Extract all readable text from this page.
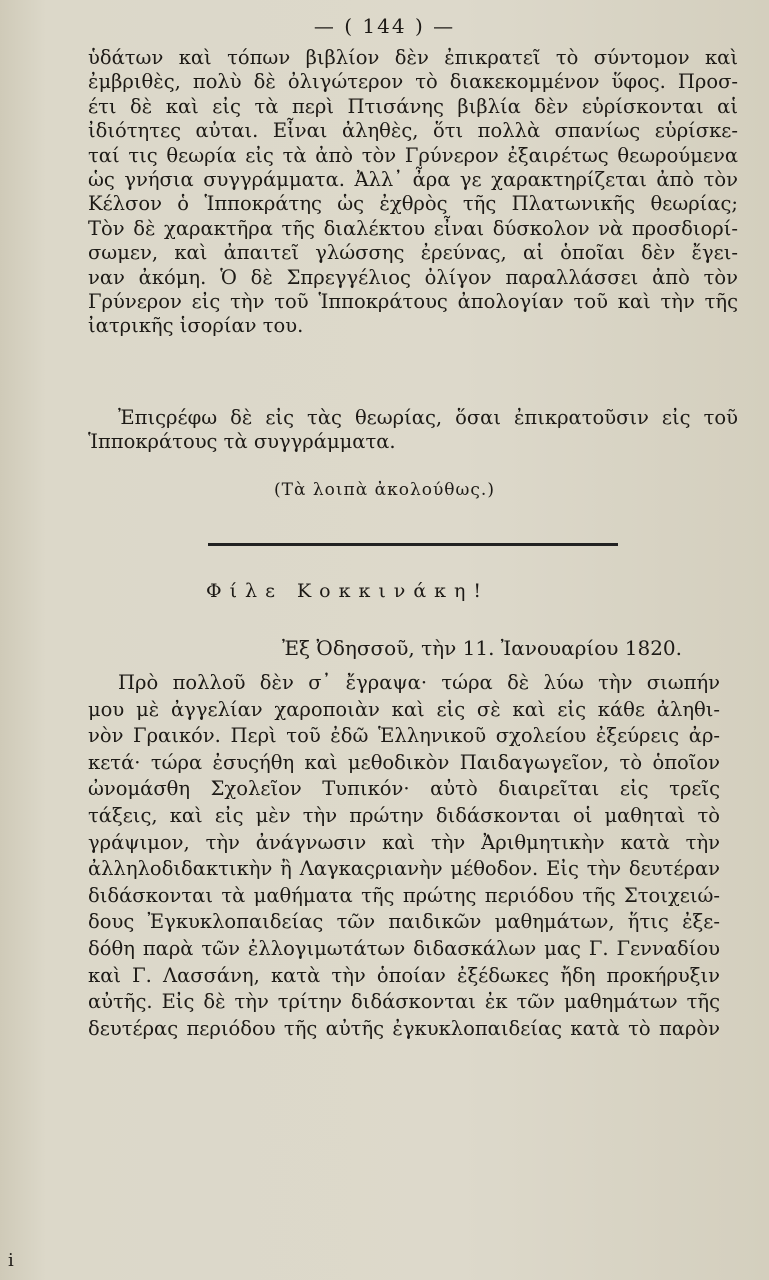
— ( 144 ) —
ὑδάτων καὶ τόπων βιβλίον δὲν ἐπικρατεῖ τὸ σύντομον καὶ
ἐμβριθὲς, πολὺ δὲ ὀλιγώτερον τὸ διακεκομμένον ὕφος. Προσ-
έτι δὲ καὶ εἰς τὰ περὶ Πτισάνης βιβλία δὲν εὑρίσκονται αἱ
ἰδιότητες αὐται. Εἶναι ἀληθὲς, ὅτι πολλὰ σπανίως εὑρίσκε-
ταί τις θεωρία εἰς τὰ ἀπὸ τὸν Γρύνερον ἐξαιρέτως θεωρούμενα
ὡς γνήσια συγγράμματα. Ἀλλ᾽ ἆρα γε χαρακτηρίζεται ἀπὸ τὸν
Κέλσον ὁ Ἱπποκράτης ὡς ἐχθρὸς τῆς Πλατωνικῆς θεωρίας;
Τὸν δὲ χαρακτῆρα τῆς διαλέκτου εἶναι δύσκολον νὰ προσδιορί-
σωμεν, καὶ ἀπαιτεῖ γλώσσης ἐρεύνας, αἱ ὁποῖαι δὲν ἔγει-
ναν ἀκόμη. Ὁ δὲ Σπρεγγέλιος ὀλίγον παραλλάσσει ἀπὸ τὸν
Γρύνερον εἰς τὴν τοῦ Ἱπποκράτους ἀπολογίαν τοῦ καὶ τὴν τῆς
ἰατρικῆς ἱσορίαν του.
Ἐπιςρέφω δὲ εἰς τὰς θεωρίας, ὅσαι ἐπικρατοῦσιν εἰς τοῦ
Ἱπποκράτους τὰ συγγράμματα.
(Τὰ λοιπὰ ἀκολούθως.)
Φίλε Κοκκινάκη!
Ἐξ Ὀδησσοῦ, τὴν 11. Ἰανουαρίου 1820.
Πρὸ πολλοῦ δὲν σ᾽ ἔγραψα· τώρα δὲ λύω τὴν σιωπήν
μου μὲ ἀγγελίαν χαροποιὰν καὶ εἰς σὲ καὶ εἰς κάθε ἀληθι-
νὸν Γραικόν. Περὶ τοῦ ἐδῶ Ἑλληνικοῦ σχολείου ἐξεύρεις ἀρ-
κετά· τώρα ἐσυςήθη καὶ μεθοδικὸν Παιδαγωγεῖον, τὸ ὁποῖον
ὠνομάσθη Σχολεῖον Τυπικόν· αὐτὸ διαιρεῖται εἰς τρεῖς
τάξεις, καὶ εἰς μὲν τὴν πρώτην διδάσκονται οἱ μαθηταὶ τὸ
γράψιμον, τὴν ἀνάγνωσιν καὶ τὴν Ἀριθμητικὴν κατὰ τὴν
ἀλληλοδιδακτικὴν ἢ Λαγκαςριανὴν μέθοδον. Εἰς τὴν δευτέραν
διδάσκονται τὰ μαθήματα τῆς πρώτης περιόδου τῆς Στοιχειώ-
δους Ἐγκυκλοπαιδείας τῶν παιδικῶν μαθημάτων, ἥτις ἐξε-
δόθη παρὰ τῶν ἐλλογιμωτάτων διδασκάλων μας Γ. Γενναδίου
καὶ Γ. Λασσάνη, κατὰ τὴν ὁποίαν ἐξέδωκες ἤδη προκήρυξιν
αὐτῆς. Εἰς δὲ τὴν τρίτην διδάσκονται ἐκ τῶν μαθημάτων τῆς
δευτέρας περιόδου τῆς αὐτῆς ἐγκυκλοπαιδείας κατὰ τὸ παρὸν
ⅰ
